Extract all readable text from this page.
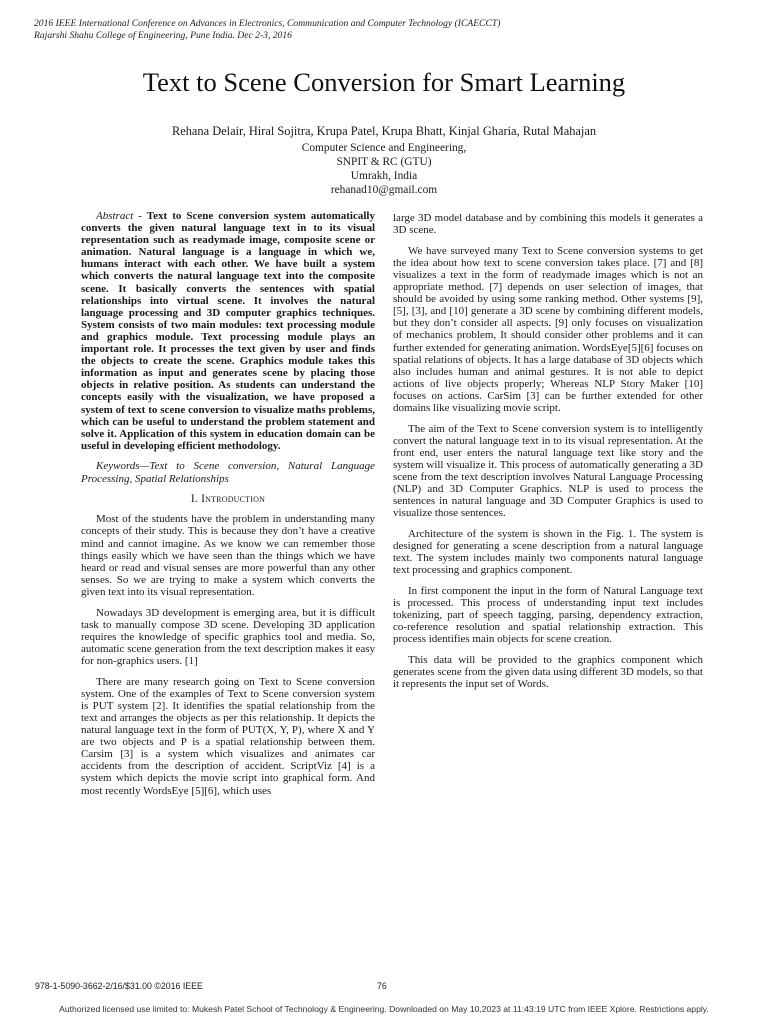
2016 IEEE International Conference on Advances in Electronics, Communication and Computer Technology (ICAECCT)
Rajarshi Shahu College of Engineering, Pune India. Dec 2-3, 2016
Text to Scene Conversion for Smart Learning
Rehana Delair, Hiral Sojitra, Krupa Patel, Krupa Bhatt, Kinjal Gharia, Rutal Mahajan
Computer Science and Engineering,
SNPIT & RC (GTU)
Umrakh, India
rehanad10@gmail.com

Abstract - Text to Scene conversion system automatically converts the given natural language text in to its visual representation such as readymade image, composite scene or animation. Natural language is a language in which we, humans interact with each other. We have built a system which converts the natural language text into the composite scene. It basically converts the sentences with spatial relationships into virtual scene. It involves the natural language processing and 3D computer graphics techniques. System consists of two main modules: text processing module and graphics module. Text processing module plays an important role. It processes the text given by user and finds the objects to create the scene. Graphics module takes this information as input and generates scene by placing those objects in relative position. As students can understand the concepts easily with the visualization, we have proposed a system of text to scene conversion to visualize maths problems, which can be useful to understand the problem statement and solve it. Application of this system in education domain can be useful in developing efficient methodology.

Keywords—Text to Scene conversion, Natural Language Processing, Spatial Relationships

I. Introduction

Most of the students have the problem in understanding many concepts of their study. This is because they don’t have a creative mind and cannot imagine. As we know we can remember those things easily which we have seen than the things which we have heard or read and visual senses are more powerful than any other senses. So we are trying to make a system which converts the given text into its visual representation.

Nowadays 3D development is emerging area, but it is difficult task to manually compose 3D scene. Developing 3D application requires the knowledge of specific graphics tool and media. So, automatic scene generation from the text description makes it easy for non-graphics users. [1]

There are many research going on Text to Scene conversion system. One of the examples of Text to Scene conversion system is PUT system [2]. It identifies the spatial relationship from the text and arranges the objects as per this relationship. It depicts the natural language text in the form of PUT(X, Y, P), where X and Y are two objects and P is a spatial relationship between them. Carsim [3] is a system which visualizes and animates car accidents from the description of accident. ScriptViz [4] is a system which depicts the movie script into graphical form. And most recently WordsEye [5][6], which uses

large 3D model database and by combining this models it generates a 3D scene.

We have surveyed many Text to Scene conversion systems to get the idea about how text to scene conversion takes place. [7] and [8] visualizes a text in the form of readymade images which is not an appropriate method. [7] depends on user selection of images, that should be avoided by using some ranking method. Other systems [9], [5], [3], and [10] generate a 3D scene by combining different models, but they don’t consider all aspects. [9] only focuses on visualization of mechanics problem, It should consider other problems and it can further extended for generating animation. WordsEye[5][6] focuses on spatial relations of objects. It has a large database of 3D objects which also includes human and animal gestures. It is not able to depict actions of live objects properly; Whereas NLP Story Maker [10] focuses on actions. CarSim [3] can be further extended for other domains like visualizing movie script.

The aim of the Text to Scene conversion system is to intelligently convert the natural language text in to its visual representation. At the front end, user enters the natural language text like story and the system will visualize it. This process of automatically generating a 3D scene from the text description involves Natural Language Processing (NLP) and 3D Computer Graphics. NLP is used to process the sentences in natural language and 3D Computer Graphics is used to visualize those sentences.

Architecture of the system is shown in the Fig. 1. The system is designed for generating a scene description from a natural language text. The system includes mainly two components natural language text processing and graphics component.

In first component the input in the form of Natural Language text is processed. This process of understanding input text includes tokenizing, part of speech tagging, parsing, dependency extraction, co-reference resolution and spatial relationship extraction. This process identifies main objects for scene creation.

This data will be provided to the graphics component which generates scene from the given data using different 3D models, so that it represents the input set of Words.

978-1-5090-3662-2/16/$31.00 ©2016 IEEE	76
Authorized licensed use limited to: Mukesh Patel School of Technology & Engineering. Downloaded on May 10,2023 at 11:43:19 UTC from IEEE Xplore. Restrictions apply.
